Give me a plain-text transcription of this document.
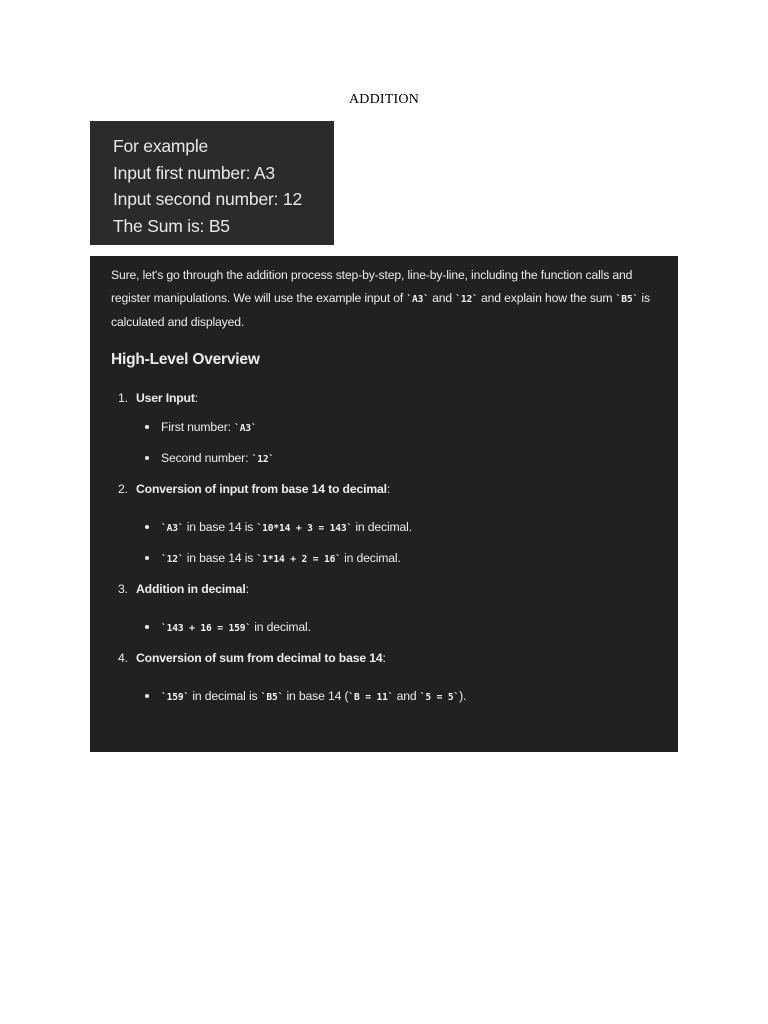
ADDITION
For example
Input first number: A3
Input second number: 12
The Sum is: B5

Sure, let's go through the addition process step-by-step, line-by-line, including the function calls and register manipulations. We will use the example input of `A3` and `12` and explain how the sum `B5` is calculated and displayed.

High-Level Overview
1. User Input:
First number: `A3`
Second number: `12`
2. Conversion of input from base 14 to decimal:
`A3` in base 14 is `10*14 + 3 = 143` in decimal.
`12` in base 14 is `1*14 + 2 = 16` in decimal.
3. Addition in decimal:
`143 + 16 = 159` in decimal.
4. Conversion of sum from decimal to base 14:
`159` in decimal is `B5` in base 14 (`B = 11` and `5 = 5`).
